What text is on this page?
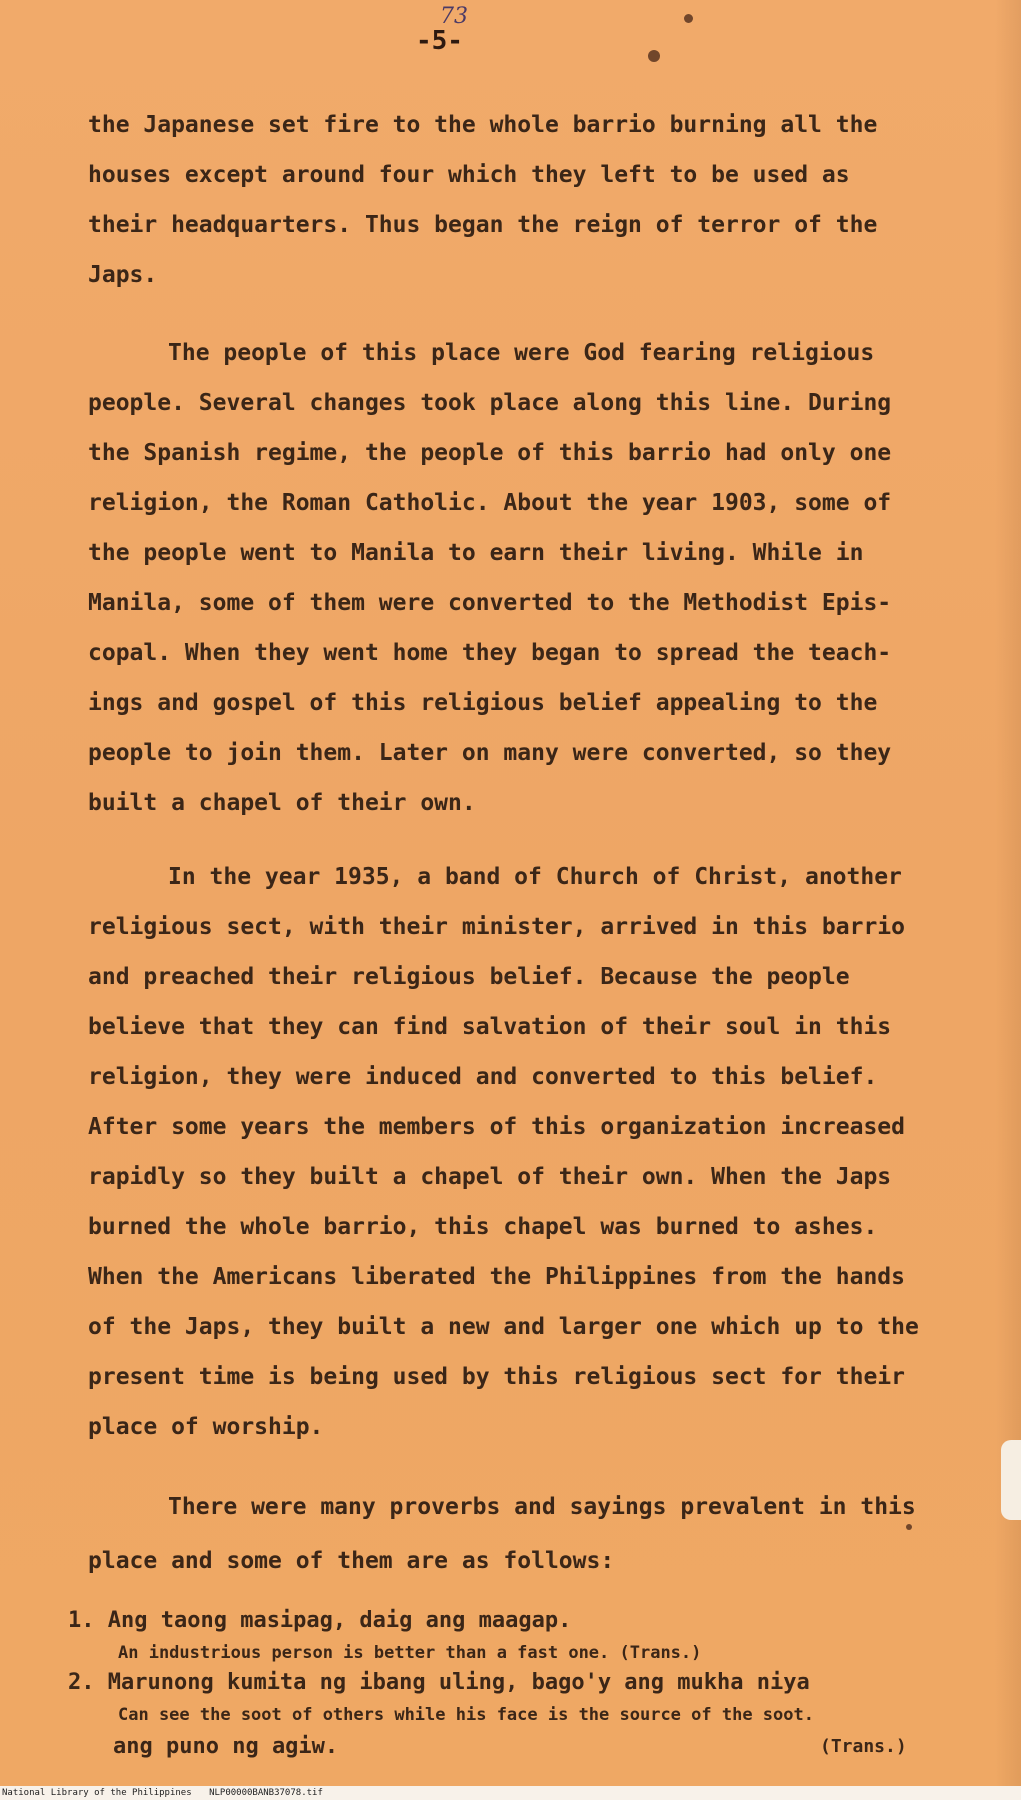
73
-5-
the Japanese set fire to the whole barrio burning all the
houses except around four which they left to be used as
their headquarters. Thus began the reign of terror of the
Japs.
The people of this place were God fearing religious
people. Several changes took place along this line. During
the Spanish regime, the people of this barrio had only one
religion, the Roman Catholic. About the year 1903, some of
the people went to Manila to earn their living. While in
Manila, some of them were converted to the Methodist Epis-
copal. When they went home they began to spread the teach-
ings and gospel of this religious belief appealing to the
people to join them. Later on many were converted, so they
built a chapel of their own.
In the year 1935, a band of Church of Christ, another
religious sect, with their minister, arrived in this barrio
and preached their religious belief. Because the people
believe that they can find salvation of their soul in this
religion, they were induced and converted to this belief.
After some years the members of this organization increased
rapidly so they built a chapel of their own. When the Japs
burned the whole barrio, this chapel was burned to ashes.
When the Americans liberated the Philippines from the hands
of the Japs, they built a new and larger one which up to the
present time is being used by this religious sect for their
place of worship.
There were many proverbs and sayings prevalent in this
place and some of them are as follows:
1. Ang taong masipag, daig ang maagap.
An industrious person is better than a fast one. (Trans.)
2. Marunong kumita ng ibang uling, bago'y ang mukha niya
Can see the soot of others while his face is the source of the soot.
ang puno ng agiw.	(Trans.)
National Library of the Philippines NLP00000BANB37078.tif
